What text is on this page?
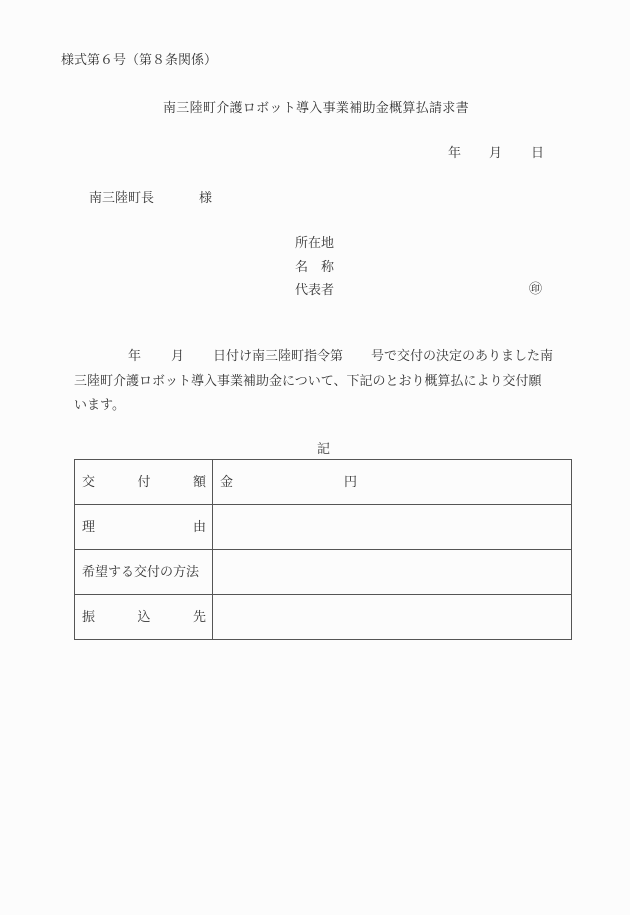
様式第６号（第８条関係）
南三陸町介護ロボット導入事業補助金概算払請求書
年 月 日
南三陸町長	様
所在地
名　称
代表者	㊞
年 月 日付け南三陸町指令第 号で交付の決定のありました南
三陸町介護ロボット導入事業補助金について、下記のとおり概算払により交付願
います。
記
交 付 額	金 円

理 由	

希望する交付の方法	

振 込 先	
